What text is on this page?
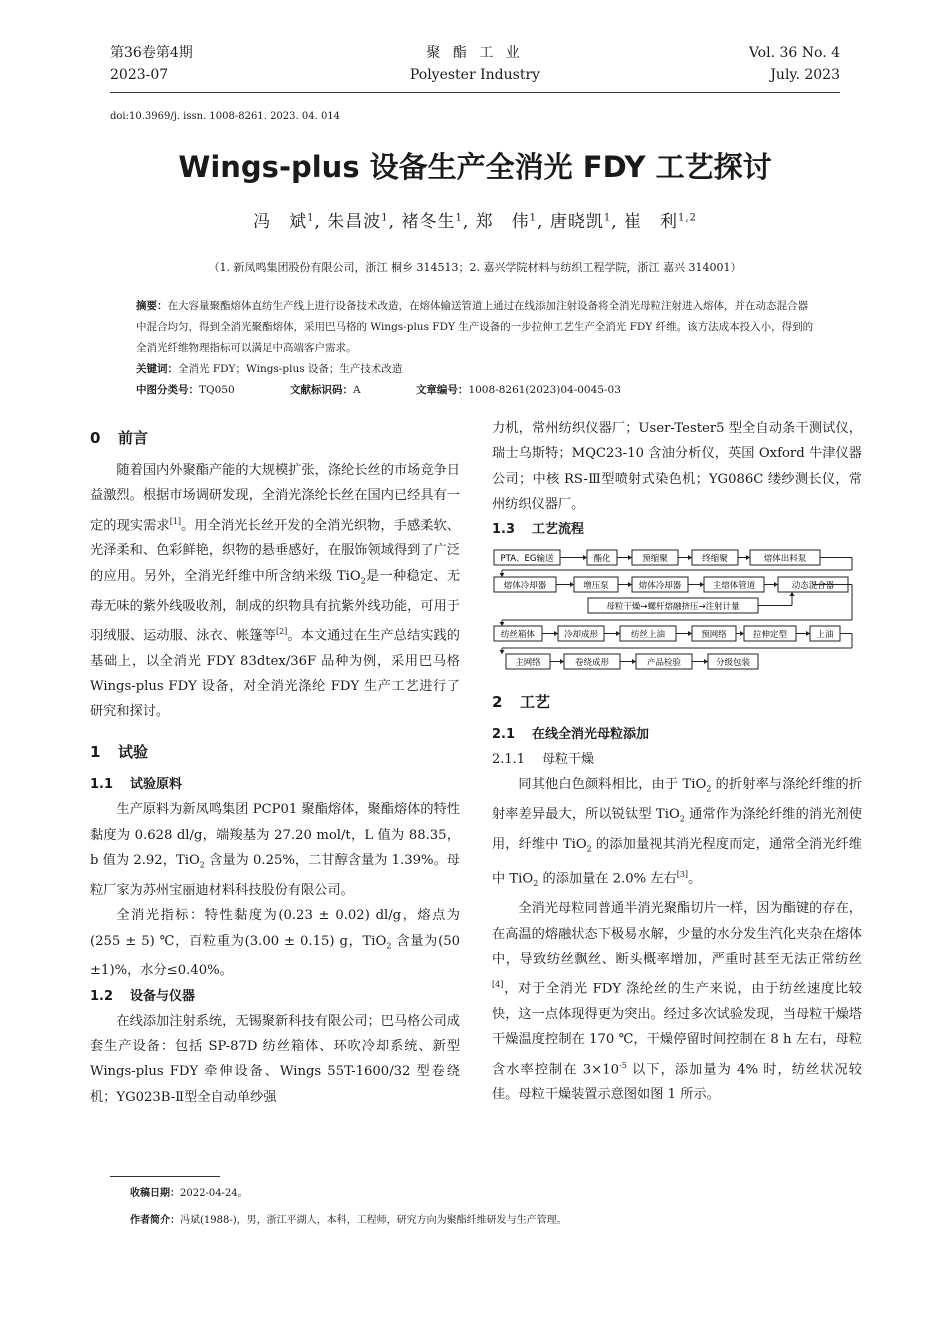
第36卷第4期
2023-07
聚 酯 工 业
Polyester Industry
Vol. 36 No. 4
July. 2023
doi:10.3969/j. issn. 1008-8261. 2023. 04. 014
Wings-plus 设备生产全消光 FDY 工艺探讨
冯　斌$^1$, 朱昌波$^1$, 褚冬生$^1$, 郑　伟$^1$, 唐晓凯$^1$, 崔　利$^{1,2}$
（1. 新凤鸣集团股份有限公司，浙江 桐乡 314513；2. 嘉兴学院材料与纺织工程学院，浙江 嘉兴 314001）
摘要：在大容量聚酯熔体直纺生产线上进行设备技术改造，在熔体输送管道上通过在线添加注射设备将全消光母粒注射进入熔体，并在动态混合器中混合均匀，得到全消光聚酯熔体，采用巴马格的 Wings-plus FDY 生产设备的一步拉伸工艺生产全消光 FDY 纤维。该方法成本投入小，得到的全消光纤维物理指标可以满足中高端客户需求。
关键词：全消光 FDY；Wings-plus 设备；生产技术改造
中图分类号：TQ050	文献标识码：A	文章编号：1008-8261(2023)04-0045-03
0 前言

随着国内外聚酯产能的大规模扩张，涤纶长丝的市场竞争日益激烈。根据市场调研发现，全消光涤纶长丝在国内已经具有一定的现实需求[1]。用全消光长丝开发的全消光织物，手感柔软、光泽柔和、色彩鲜艳，织物的悬垂感好，在服饰领域得到了广泛的应用。另外，全消光纤维中所含纳米级 TiO$_2$是一种稳定、无毒无味的紫外线吸收剂，制成的织物具有抗紫外线功能，可用于羽绒服、运动服、泳衣、帐篷等[2]。本文通过在生产总结实践的基础上，以全消光 FDY 83dtex/36F 品种为例，采用巴马格 Wings-plus FDY 设备，对全消光涤纶 FDY 生产工艺进行了研究和探讨。

1 试验
1.1 试验原料

生产原料为新凤鸣集团 PCP01 聚酯熔体，聚酯熔体的特性黏度为 0.628 dl/g，端羧基为 27.20 mol/t，L 值为 88.35，b 值为 2.92，TiO$_2$ 含量为 0.25%，二甘醇含量为 1.39%。母粒厂家为苏州宝丽迪材料科技股份有限公司。

全消光指标：特性黏度为(0.23 ± 0.02) dl/g，熔点为(255 ± 5) ℃，百粒重为(3.00 ± 0.15) g，TiO$_2$ 含量为(50 ±1)%，水分≤0.40%。

1.2 设备与仪器

在线添加注射系统，无锡聚新科技有限公司；巴马格公司成套生产设备：包括 SP-87D 纺丝箱体、环吹冷却系统、新型 Wings-plus FDY 牵伸设备、Wings 55T-1600/32 型卷绕机；YG023B-Ⅱ型全自动单纱强

力机，常州纺织仪器厂；User-Tester5 型全自动条干测试仪，瑞士乌斯特；MQC23-10 含油分析仪，英国 Oxford 牛津仪器公司；中核 RS-Ⅲ型喷射式染色机；YG086C 缕纱测长仪，常州纺织仪器厂。

1.3 工艺流程
PTA、EG输送	酯化	预缩聚	终缩聚	熔体出料泵
熔体冷却器	增压泵	熔体冷却器	主熔体管道	动态混合器
母粒干燥→螺杆熔融挤压→注射计量
纺丝箱体	冷却成形	纺丝上油	预网络	拉伸定型	上油
主网络	卷绕成形	产品检验	分级包装
2 工艺
2.1 在线全消光母粒添加
2.1.1 母粒干燥

同其他白色颜料相比，由于 TiO$_2$ 的折射率与涤纶纤维的折射率差异最大，所以锐钛型 TiO$_2$ 通常作为涤纶纤维的消光剂使用，纤维中 TiO$_2$ 的添加量视其消光程度而定，通常全消光纤维中 TiO$_2$ 的添加量在 2.0% 左右[3]。

全消光母粒同普通半消光聚酯切片一样，因为酯键的存在，在高温的熔融状态下极易水解，少量的水分发生汽化夹杂在熔体中，导致纺丝飘丝、断头概率增加，严重时甚至无法正常纺丝[4]，对于全消光 FDY 涤纶丝的生产来说，由于纺丝速度比较快，这一点体现得更为突出。经过多次试验发现，当母粒干燥塔干燥温度控制在 170 ℃，干燥停留时间控制在 8 h 左右，母粒含水率控制在 $3\times 10^{-5}$ 以下，添加量为 4% 时，纺丝状况较佳。母粒干燥装置示意图如图 1 所示。

收稿日期：2022-04-24。
作者简介：冯斌(1988-)，男，浙江平湖人，本科，工程师，研究方向为聚酯纤维研发与生产管理。
